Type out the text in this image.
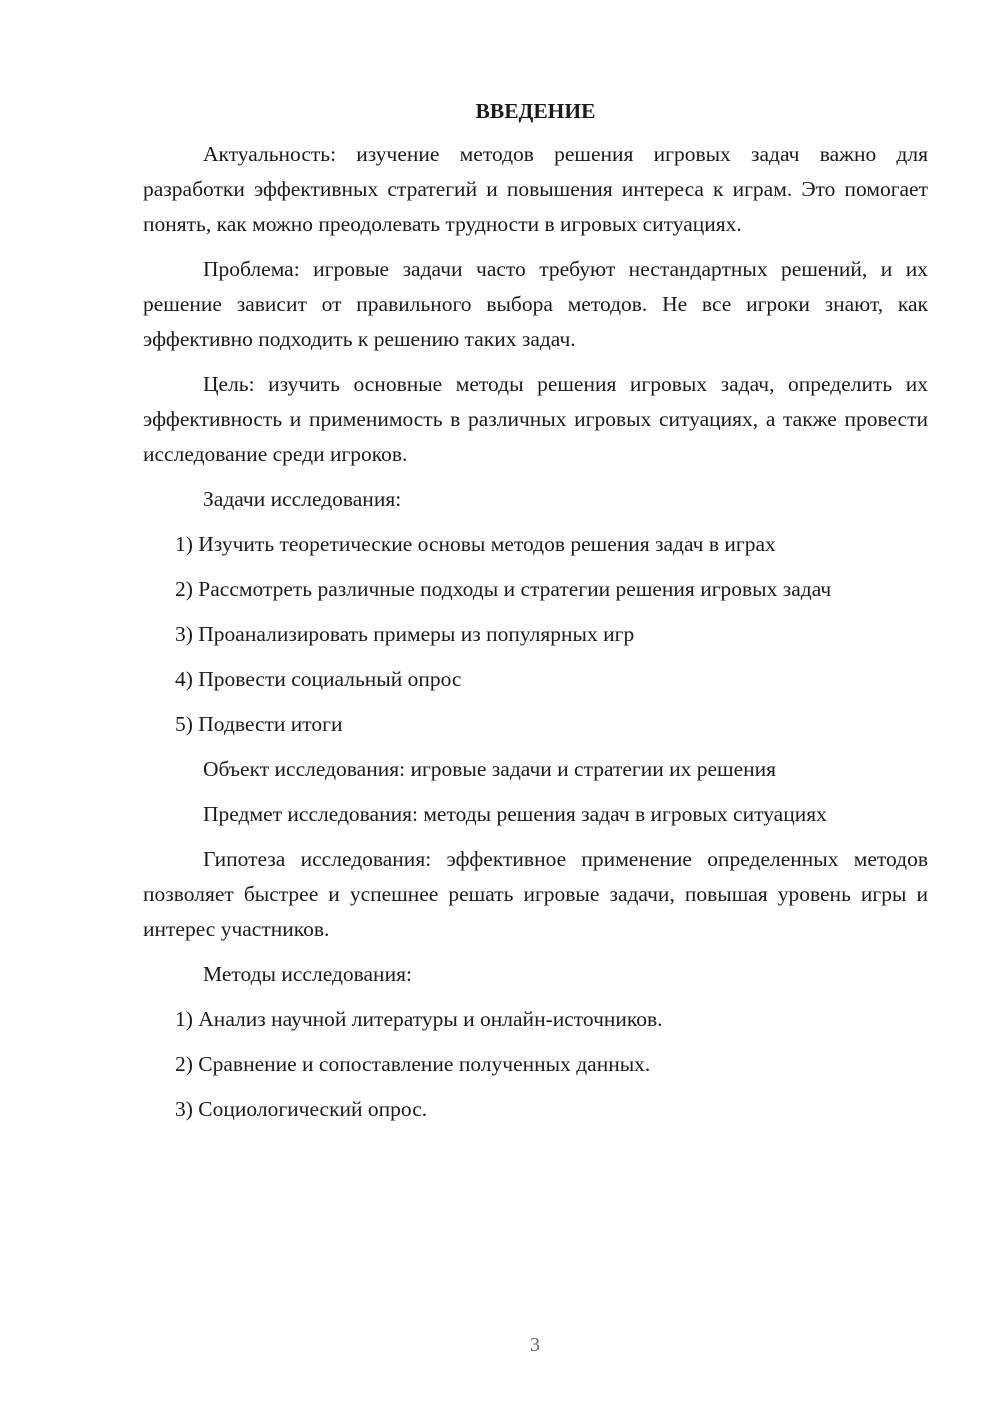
ВВЕДЕНИЕ

Актуальность: изучение методов решения игровых задач важно для разработки эффективных стратегий и повышения интереса к играм. Это помогает понять, как можно преодолевать трудности в игровых ситуациях.

Проблема: игровые задачи часто требуют нестандартных решений, и их решение зависит от правильного выбора методов. Не все игроки знают, как эффективно подходить к решению таких задач.

Цель: изучить основные методы решения игровых задач, определить их эффективность и применимость в различных игровых ситуациях, а также провести исследование среди игроков.

Задачи исследования:

1) Изучить теоретические основы методов решения задач в играх

2) Рассмотреть различные подходы и стратегии решения игровых задач

3) Проанализировать примеры из популярных игр

4) Провести социальный опрос

5) Подвести итоги

Объект исследования: игровые задачи и стратегии их решения

Предмет исследования: методы решения задач в игровых ситуациях

Гипотеза исследования: эффективное применение определенных методов позволяет быстрее и успешнее решать игровые задачи, повышая уровень игры и интерес участников.

Методы исследования:

1) Анализ научной литературы и онлайн-источников.

2) Сравнение и сопоставление полученных данных.

3) Социологический опрос.

3
